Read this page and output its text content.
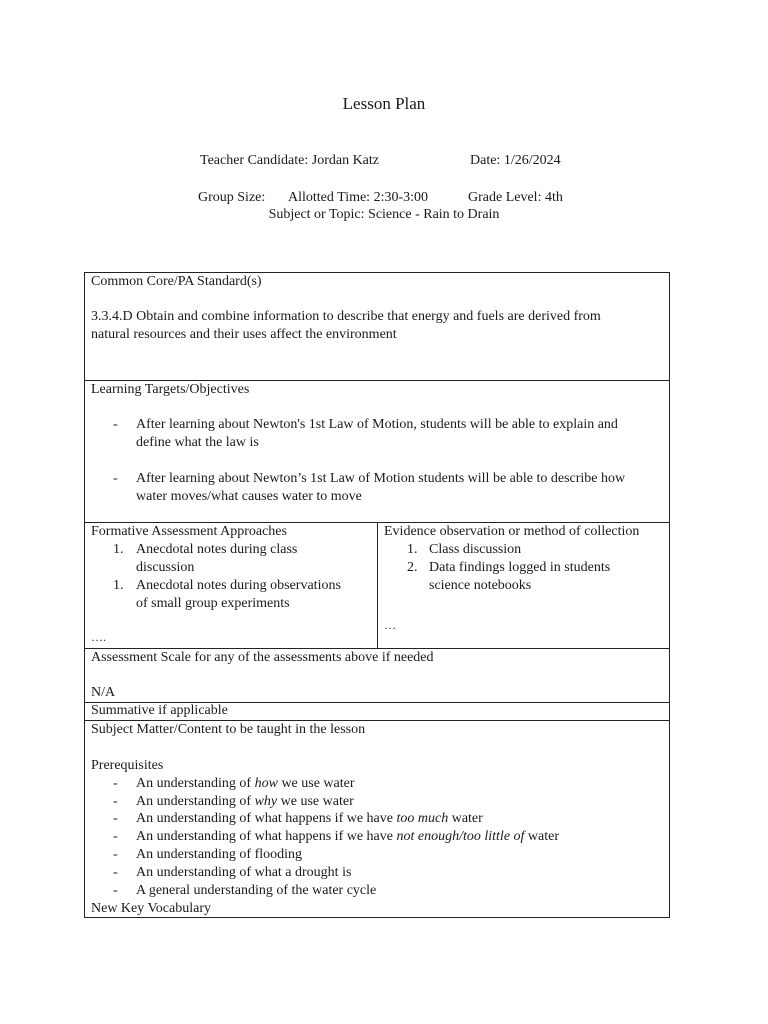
Lesson Plan
Teacher Candidate: Jordan Katz	Date: 1/26/2024
Group Size: Allotted Time: 2:30-3:00	Grade Level: 4th
Subject or Topic: Science - Rain to Drain
Common Core/PA Standard(s)
3.3.4.D Obtain and combine information to describe that energy and fuels are derived from
natural resources and their uses affect the environment
Learning Targets/Objectives
- After learning about Newton's 1st Law of Motion, students will be able to explain and
define what the law is
- After learning about Newton’s 1st Law of Motion students will be able to describe how
water moves/what causes water to move
Formative Assessment Approaches
1. Anecdotal notes during class
discussion
1. Anecdotal notes during observations
of small group experiments
….
Evidence observation or method of collection
1. Class discussion
2. Data findings logged in students
science notebooks
…
Assessment Scale for any of the assessments above if needed
N/A
Summative if applicable
Subject Matter/Content to be taught in the lesson
Prerequisites
- An understanding of how we use water
- An understanding of why we use water
- An understanding of what happens if we have too much water
- An understanding of what happens if we have not enough/too little of water
- An understanding of flooding
- An understanding of what a drought is
- A general understanding of the water cycle
New Key Vocabulary
